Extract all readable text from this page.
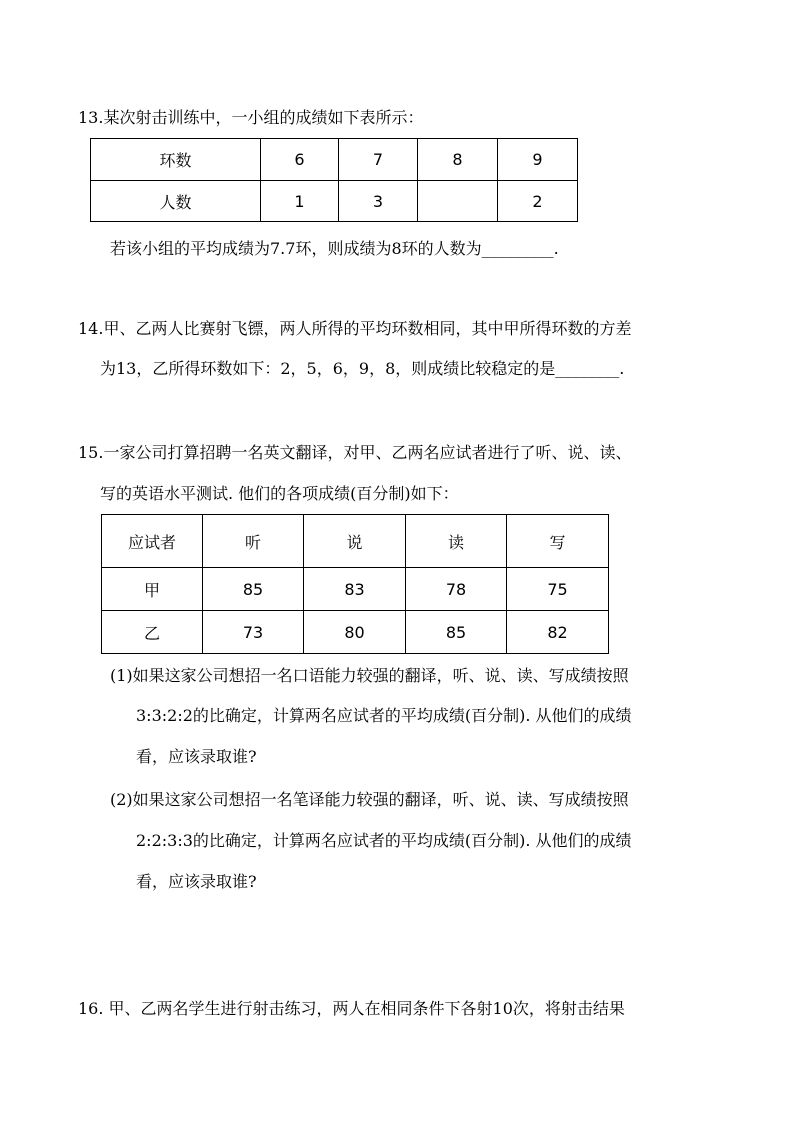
13.某次射击训练中，一小组的成绩如下表所示：
环数	6	7	8	9
人数	1	3		2
若该小组的平均成绩为7.7环，则成绩为8环的人数为_________.
14.甲、乙两人比赛射飞镖，两人所得的平均环数相同，其中甲所得环数的方差
为13，乙所得环数如下：2，5，6，9，8，则成绩比较稳定的是________.
15.一家公司打算招聘一名英文翻译，对甲、乙两名应试者进行了听、说、读、
写的英语水平测试. 他们的各项成绩(百分制)如下：
应试者	听	说	读	写
甲	85	83	78	75
乙	73	80	85	82
(1)如果这家公司想招一名口语能力较强的翻译，听、说、读、写成绩按照
3:3:2:2的比确定，计算两名应试者的平均成绩(百分制). 从他们的成绩
看，应该录取谁?
(2)如果这家公司想招一名笔译能力较强的翻译，听、说、读、写成绩按照
2:2:3:3的比确定，计算两名应试者的平均成绩(百分制). 从他们的成绩
看，应该录取谁?
16. 甲、乙两名学生进行射击练习，两人在相同条件下各射10次，将射击结果
